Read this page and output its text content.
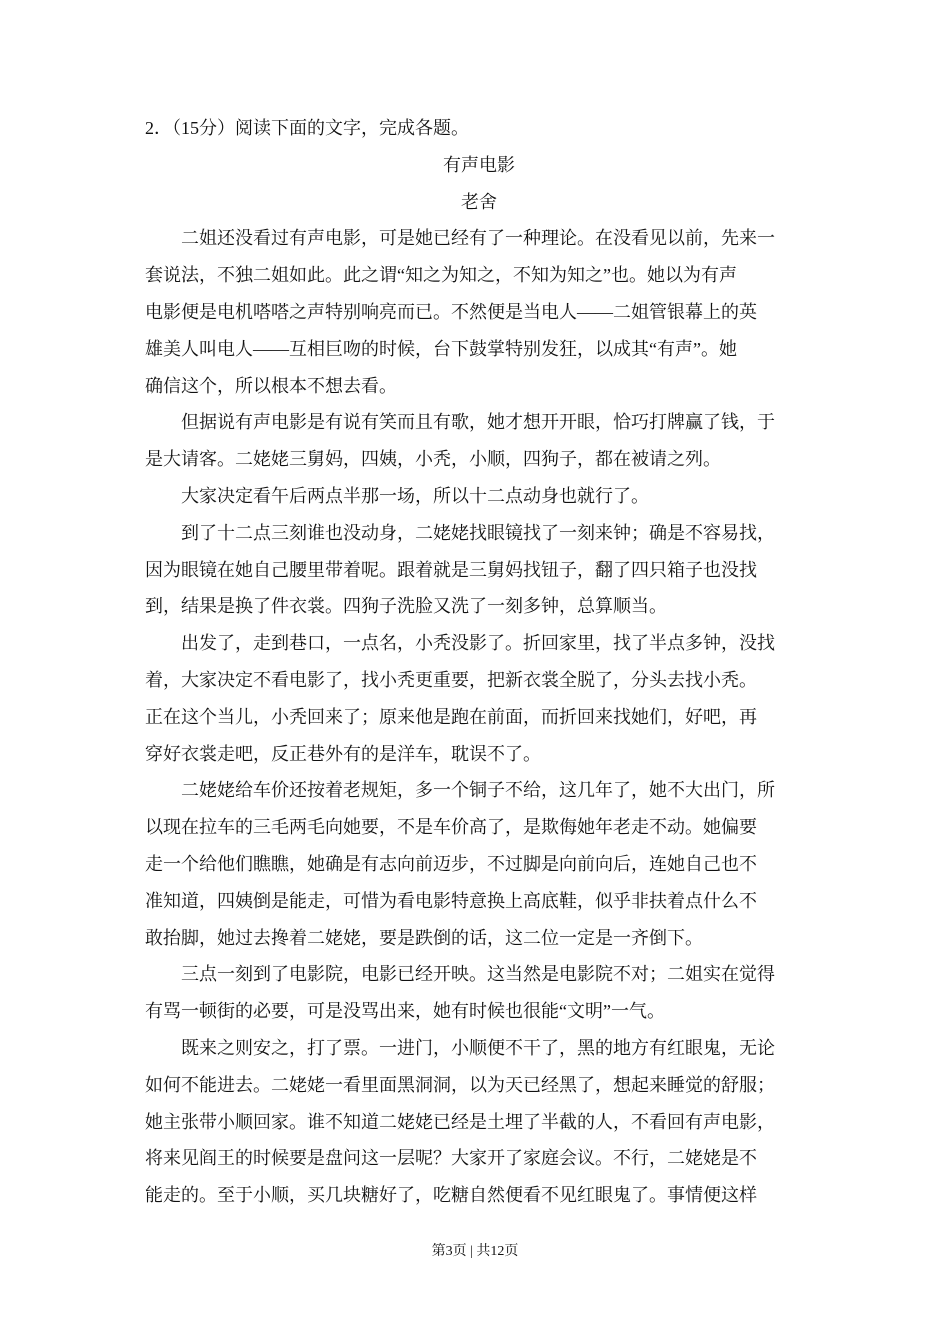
2．（15分）阅读下面的文字，完成各题。
有声电影
老舍
二姐还没看过有声电影，可是她已经有了一种理论。在没看见以前，先来一
套说法，不独二姐如此。此之谓“知之为知之，不知为知之”也。她以为有声
电影便是电机嗒嗒之声特别响亮而已。不然便是当电人——二姐管银幕上的英
雄美人叫电人——互相巨吻的时候，台下鼓掌特别发狂，以成其“有声”。她
确信这个，所以根本不想去看。
但据说有声电影是有说有笑而且有歌，她才想开开眼，恰巧打牌赢了钱，于
是大请客。二姥姥三舅妈，四姨，小秃，小顺，四狗子，都在被请之列。
大家决定看午后两点半那一场，所以十二点动身也就行了。
到了十二点三刻谁也没动身，二姥姥找眼镜找了一刻来钟；确是不容易找，
因为眼镜在她自己腰里带着呢。跟着就是三舅妈找钮子，翻了四只箱子也没找
到，结果是换了件衣裳。四狗子洗脸又洗了一刻多钟，总算顺当。
出发了，走到巷口，一点名，小秃没影了。折回家里，找了半点多钟，没找
着，大家决定不看电影了，找小秃更重要，把新衣裳全脱了，分头去找小秃。
正在这个当儿，小秃回来了；原来他是跑在前面，而折回来找她们，好吧，再
穿好衣裳走吧，反正巷外有的是洋车，耽误不了。
二姥姥给车价还按着老规矩，多一个铜子不给，这几年了，她不大出门，所
以现在拉车的三毛两毛向她要，不是车价高了，是欺侮她年老走不动。她偏要
走一个给他们瞧瞧，她确是有志向前迈步，不过脚是向前向后，连她自己也不
准知道，四姨倒是能走，可惜为看电影特意换上高底鞋，似乎非扶着点什么不
敢抬脚，她过去搀着二姥姥，要是跌倒的话，这二位一定是一齐倒下。
三点一刻到了电影院，电影已经开映。这当然是电影院不对；二姐实在觉得
有骂一顿街的必要，可是没骂出来，她有时候也很能“文明”一气。
既来之则安之，打了票。一进门，小顺便不干了，黑的地方有红眼鬼，无论
如何不能进去。二姥姥一看里面黑洞洞，以为天已经黑了，想起来睡觉的舒服；
她主张带小顺回家。谁不知道二姥姥已经是土埋了半截的人，不看回有声电影，
将来见阎王的时候要是盘问这一层呢？大家开了家庭会议。不行，二姥姥是不
能走的。至于小顺，买几块糖好了，吃糖自然便看不见红眼鬼了。事情便这样
第3页 | 共12页
